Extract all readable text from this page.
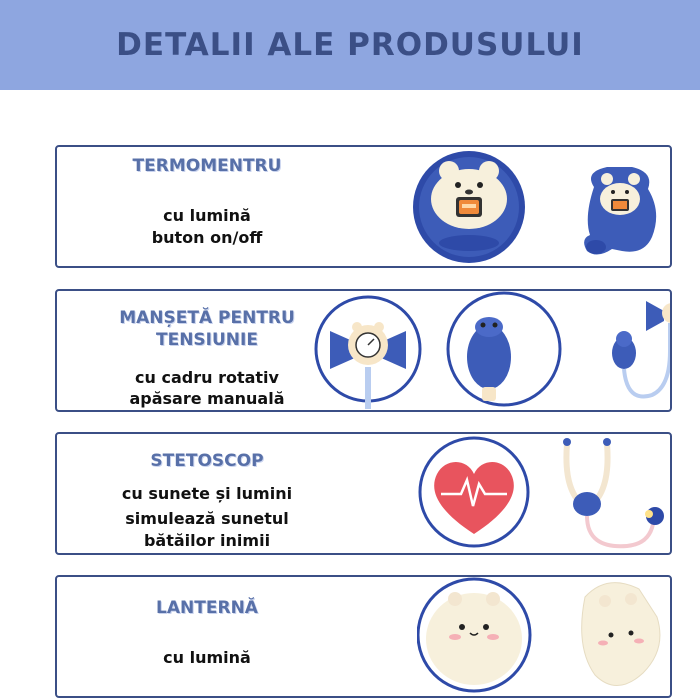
DETALII ALE PRODUSULUI
TERMOMENTRU
cu lumină
buton on/off
MANȘETĂ PENTRU
TENSIUNIE
cu cadru rotativ
apăsare manuală
STETOSCOP
cu sunete și lumini
simulează sunetul
bătăilor inimii
LANTERNĂ
cu lumină
